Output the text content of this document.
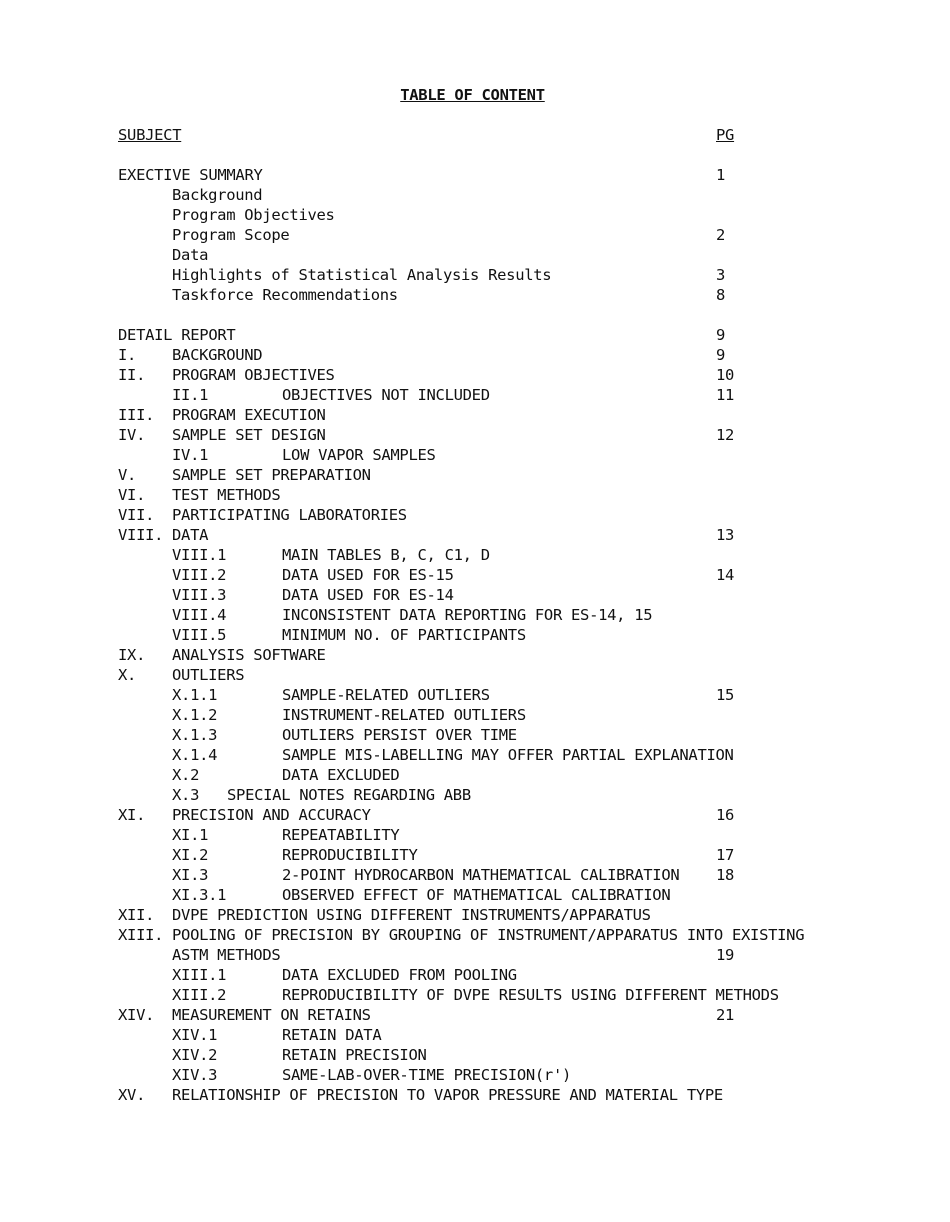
TABLE OF CONTENT
SUBJECT	PG
EXECTIVE SUMMARY	1
Background
Program Objectives
Program Scope	2
Data
Highlights of Statistical Analysis Results	3
Taskforce Recommendations	8
DETAIL REPORT	9
I. BACKGROUND	9
II. PROGRAM OBJECTIVES	10
II.1	OBJECTIVES NOT INCLUDED	11
III. PROGRAM EXECUTION
IV. SAMPLE SET DESIGN	12
IV.1	LOW VAPOR SAMPLES
V. SAMPLE SET PREPARATION
VI. TEST METHODS
VII. PARTICIPATING LABORATORIES
VIII. DATA	13
VIII.1	MAIN TABLES B, C, C1, D
VIII.2	DATA USED FOR ES-15	14
VIII.3	DATA USED FOR ES-14
VIII.4	INCONSISTENT DATA REPORTING FOR ES-14, 15
VIII.5	MINIMUM NO. OF PARTICIPANTS
IX. ANALYSIS SOFTWARE
X. OUTLIERS
X.1.1	SAMPLE-RELATED OUTLIERS	15
X.1.2	INSTRUMENT-RELATED OUTLIERS
X.1.3	OUTLIERS PERSIST OVER TIME
X.1.4	SAMPLE MIS-LABELLING MAY OFFER PARTIAL EXPLANATION
X.2	DATA EXCLUDED
X.3 SPECIAL NOTES REGARDING ABB
XI. PRECISION AND ACCURACY	16
XI.1	REPEATABILITY
XI.2	REPRODUCIBILITY	17
XI.3	2-POINT HYDROCARBON MATHEMATICAL CALIBRATION 18
XI.3.1	OBSERVED EFFECT OF MATHEMATICAL CALIBRATION
XII. DVPE PREDICTION USING DIFFERENT INSTRUMENTS/APPARATUS
XIII. POOLING OF PRECISION BY GROUPING OF INSTRUMENT/APPARATUS INTO EXISTING
ASTM METHODS	19
XIII.1	DATA EXCLUDED FROM POOLING
XIII.2	REPRODUCIBILITY OF DVPE RESULTS USING DIFFERENT METHODS
XIV. MEASUREMENT ON RETAINS	21
XIV.1	RETAIN DATA
XIV.2	RETAIN PRECISION
XIV.3	SAME-LAB-OVER-TIME PRECISION(r')
XV. RELATIONSHIP OF PRECISION TO VAPOR PRESSURE AND MATERIAL TYPE
